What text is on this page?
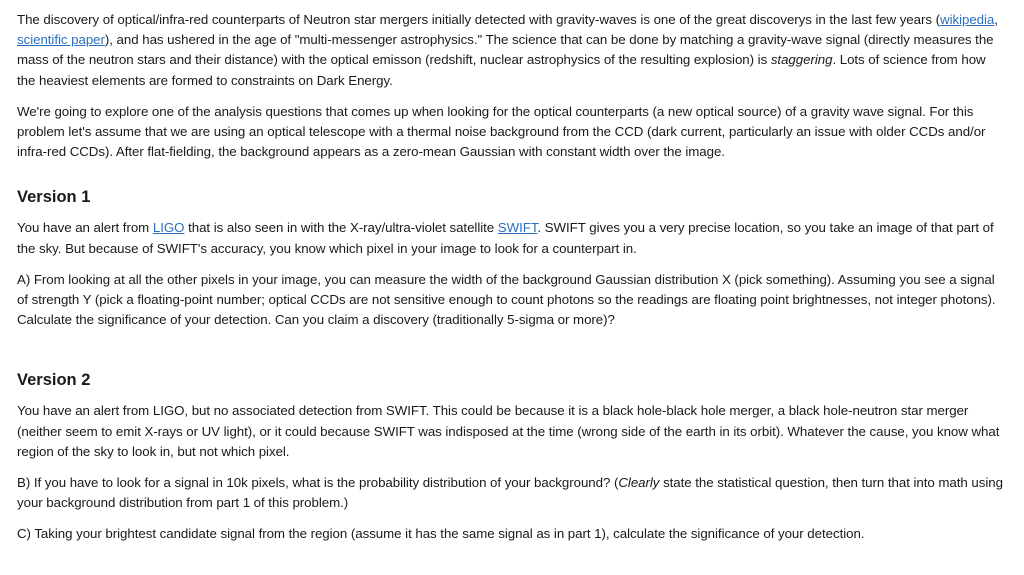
The discovery of optical/infra-red counterparts of Neutron star mergers initially detected with gravity-waves is one of the great discoverys in the last few years (wikipedia, scientific paper), and has ushered in the age of "multi-messenger astrophysics." The science that can be done by matching a gravity-wave signal (directly measures the mass of the neutron stars and their distance) with the optical emisson (redshift, nuclear astrophysics of the resulting explosion) is staggering. Lots of science from how the heaviest elements are formed to constraints on Dark Energy.

We're going to explore one of the analysis questions that comes up when looking for the optical counterparts (a new optical source) of a gravity wave signal. For this problem let's assume that we are using an optical telescope with a thermal noise background from the CCD (dark current, particularly an issue with older CCDs and/or infra-red CCDs). After flat-fielding, the background appears as a zero-mean Gaussian with constant width over the image.

Version 1

You have an alert from LIGO that is also seen in with the X-ray/ultra-violet satellite SWIFT. SWIFT gives you a very precise location, so you take an image of that part of the sky. But because of SWIFT's accuracy, you know which pixel in your image to look for a counterpart in.

A) From looking at all the other pixels in your image, you can measure the width of the background Gaussian distribution X (pick something). Assuming you see a signal of strength Y (pick a floating-point number; optical CCDs are not sensitive enough to count photons so the readings are floating point brightnesses, not integer photons). Calculate the significance of your detection. Can you claim a discovery (traditionally 5-sigma or more)?

Version 2

You have an alert from LIGO, but no associated detection from SWIFT. This could be because it is a black hole-black hole merger, a black hole-neutron star merger (neither seem to emit X-rays or UV light), or it could because SWIFT was indisposed at the time (wrong side of the earth in its orbit). Whatever the cause, you know what region of the sky to look in, but not which pixel.

B) If you have to look for a signal in 10k pixels, what is the probability distribution of your background? (Clearly state the statistical question, then turn that into math using your background distribution from part 1 of this problem.)

C) Taking your brightest candidate signal from the region (assume it has the same signal as in part 1), calculate the significance of your detection.
